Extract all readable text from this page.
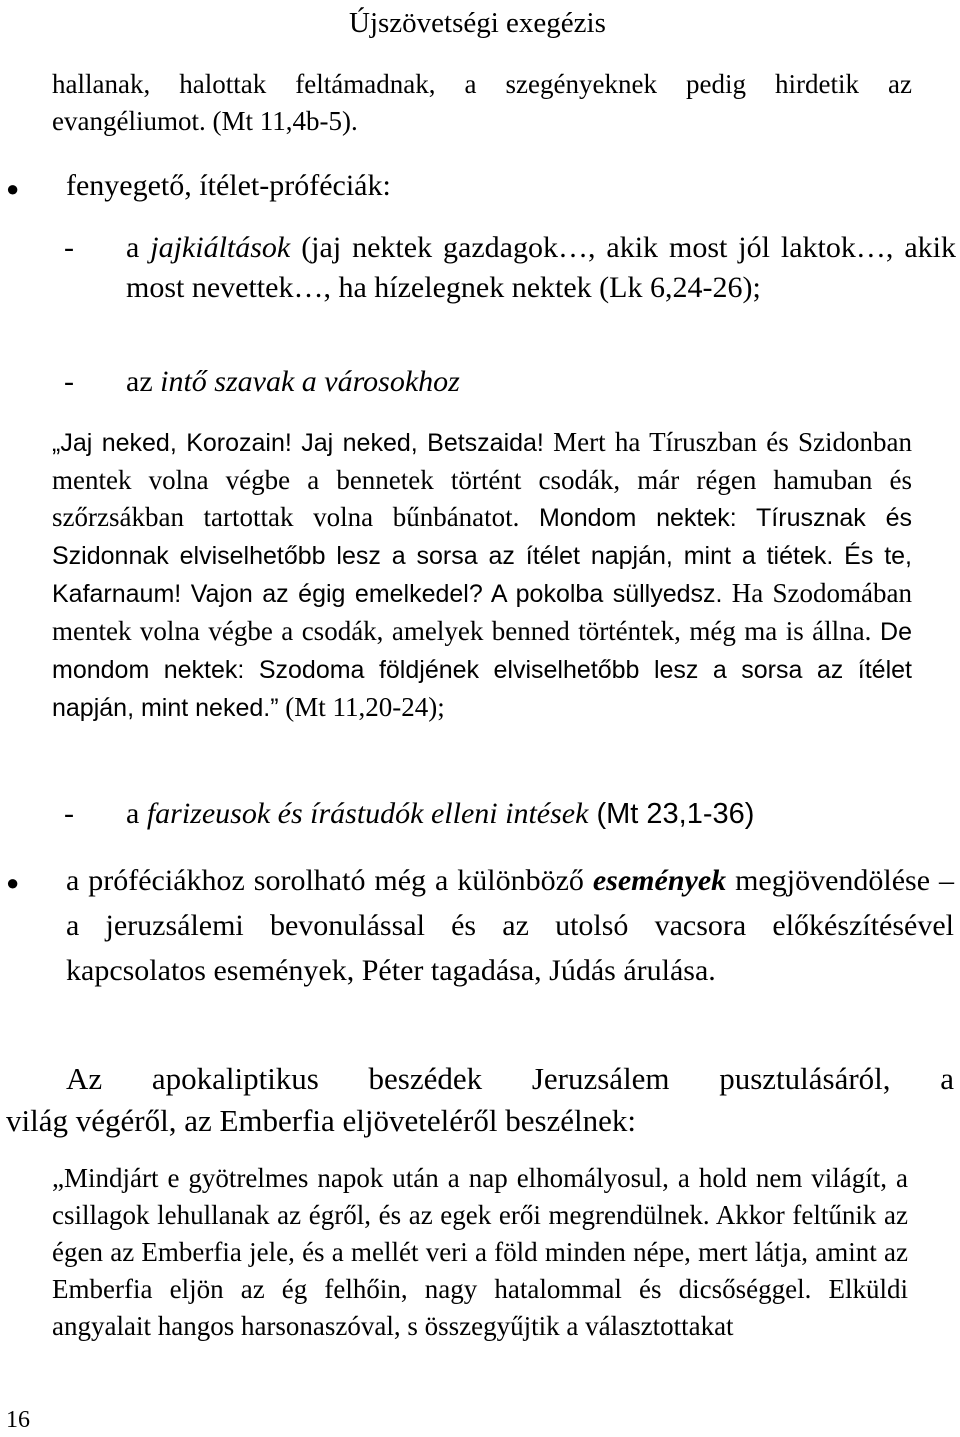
Újszövetségi exegézis
hallanak, halottak feltámadnak, a szegényeknek pedig hirdetik az evangéliumot. (Mt 11,4b-5).
● fenyegető, ítélet-próféciák:
- a jajkiáltások (jaj nektek gazdagok…, akik most jól laktok…, akik most nevettek…, ha hízelegnek nektek (Lk 6,24-26);
- az intő szavak a városokhoz
„Jaj neked, Korozain! Jaj neked, Betszaida! Mert ha Tíruszban és Szidonban mentek volna végbe a bennetek történt csodák, már régen hamuban és szőrzsákban tartottak volna bűnbánatot. Mondom nektek: Tírusznak és Szidonnak elviselhetőbb lesz a sorsa az ítélet napján, mint a tiétek. És te, Kafarnaum! Vajon az égig emelkedel? A pokolba süllyedsz. Ha Szodomában mentek volna végbe a csodák, amelyek benned történtek, még ma is állna. De mondom nektek: Szodoma földjének elviselhetőbb lesz a sorsa az ítélet napján, mint neked.” (Mt 11,20-24);
- a farizeusok és írástudók elleni intések (Mt 23,1-36)
● a próféciákhoz sorolható még a különböző események megjövendölése – a jeruzsálemi bevonulással és az utolsó vacsora előkészítésével kapcsolatos események, Péter tagadása, Júdás árulása.
Az apokaliptikus beszédek Jeruzsálem pusztulásáról, a
világ végéről, az Emberfia eljöveteléről beszélnek:
„Mindjárt e gyötrelmes napok után a nap elhomályosul, a hold nem világít, a csillagok lehullanak az égről, és az egek erői megrendülnek. Akkor feltűnik az égen az Emberfia jele, és a mellét veri a föld minden népe, mert látja, amint az Emberfia eljön az ég felhőin, nagy hatalommal és dicsőséggel. Elküldi angyalait hangos harsonaszóval, s összegyűjtik a választottakat
16
